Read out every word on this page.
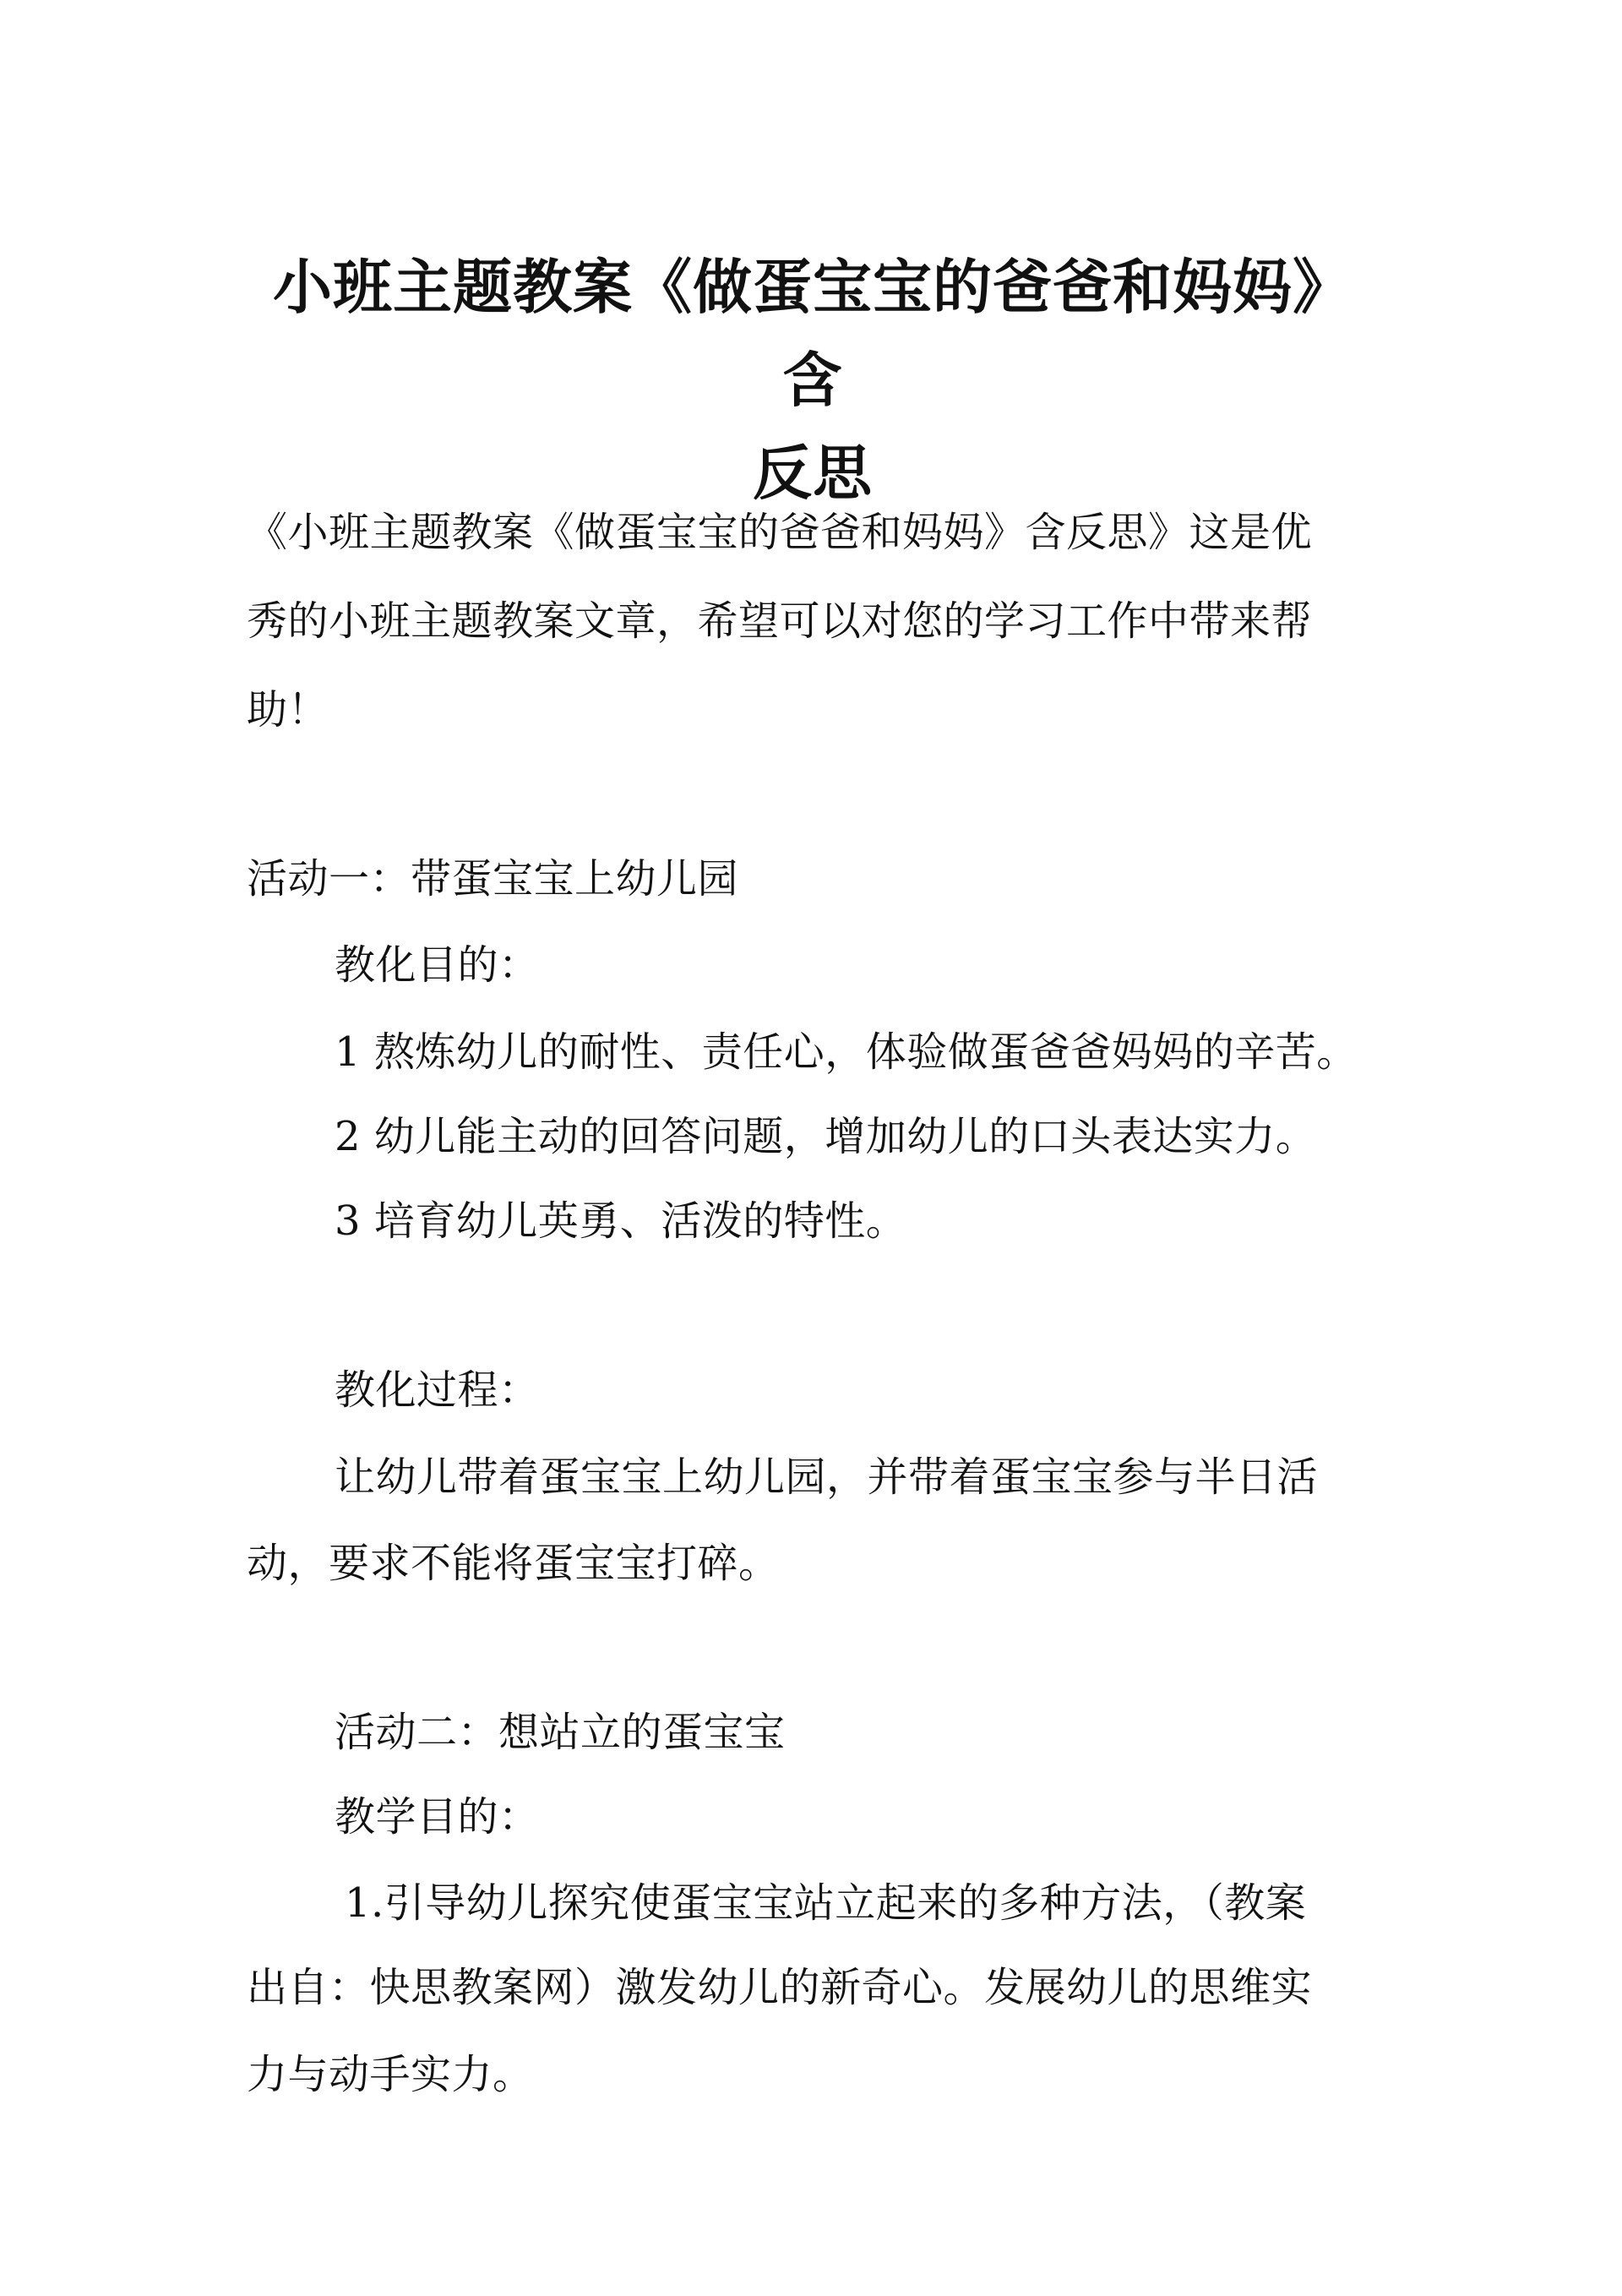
小班主题教案《做蛋宝宝的爸爸和妈妈》含
反思

《小班主题教案《做蛋宝宝的爸爸和妈妈》含反思》这是优

秀的小班主题教案文章，希望可以对您的学习工作中带来帮

助！

活动一：带蛋宝宝上幼儿园

教化目的：

1 熬炼幼儿的耐性、责任心，体验做蛋爸爸妈妈的辛苦。

2 幼儿能主动的回答问题，增加幼儿的口头表达实力。

3 培育幼儿英勇、活泼的特性。

教化过程：

让幼儿带着蛋宝宝上幼儿园，并带着蛋宝宝参与半日活

动，要求不能将蛋宝宝打碎。

活动二：想站立的蛋宝宝

教学目的：

1.引导幼儿探究使蛋宝宝站立起来的多种方法，（教案

出自：快思教案网）激发幼儿的新奇心。发展幼儿的思维实

力与动手实力。
